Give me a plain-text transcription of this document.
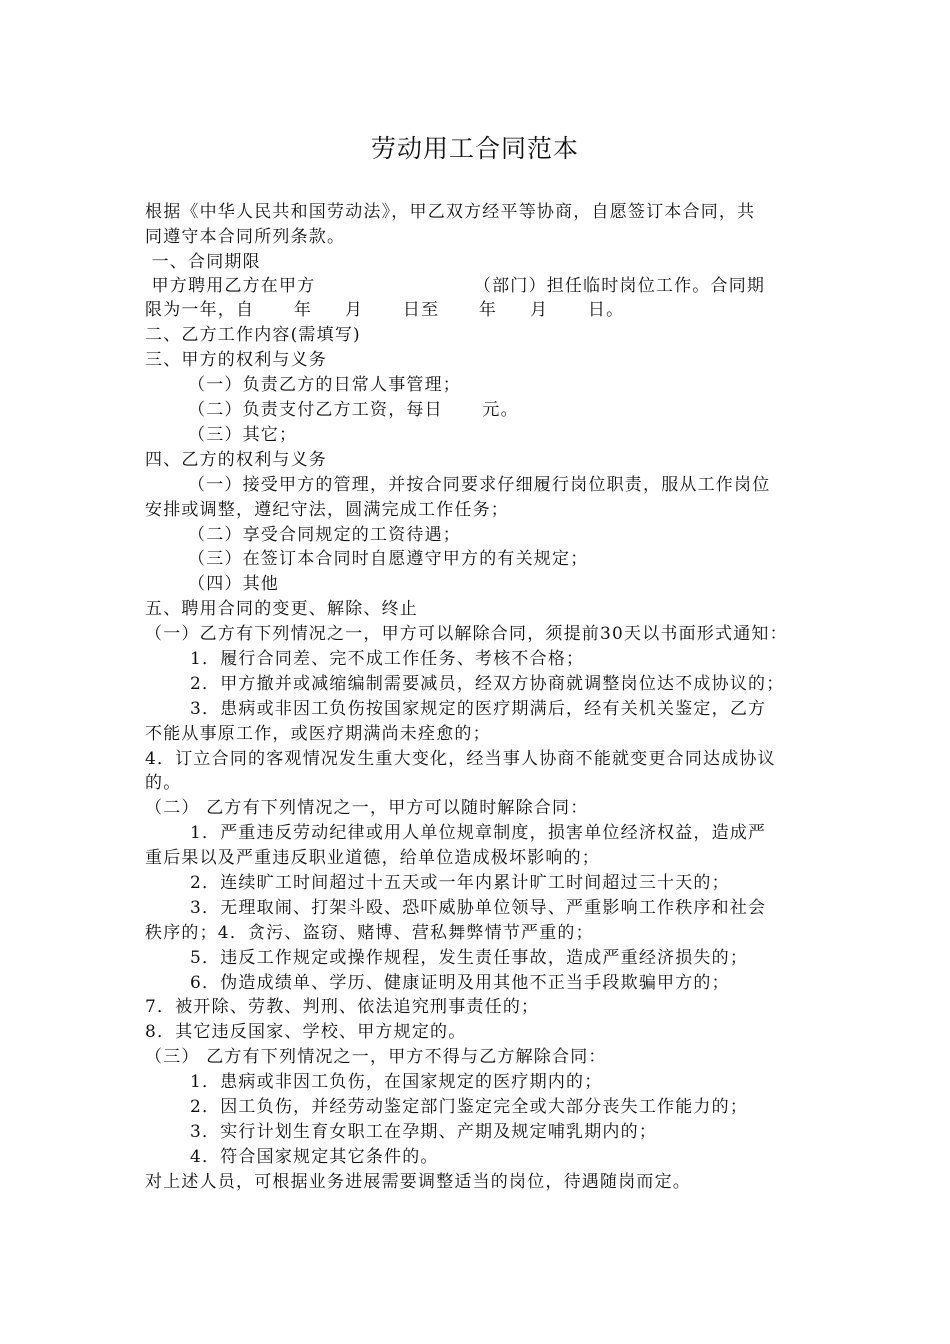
劳动用工合同范本
根据《中华人民共和国劳动法》，甲乙双方经平等协商，自愿签订本合同，共
同遵守本合同所列条款。
一、合同期限
甲方聘用乙方在甲方                        （部门）担任临时岗位工作。合同期
限为一年，自      年     月      日至      年     月      日。
二、乙方工作内容(需填写)
三、甲方的权利与义务
（一）负责乙方的日常人事管理；
（二）负责支付乙方工资，每日      元。
（三）其它；
四、乙方的权利与义务
（一）接受甲方的管理，并按合同要求仔细履行岗位职责，服从工作岗位
安排或调整，遵纪守法，圆满完成工作任务；
（二）享受合同规定的工资待遇；
（三）在签订本合同时自愿遵守甲方的有关规定；
（四）其他
五、聘用合同的变更、解除、终止
（一）乙方有下列情况之一，甲方可以解除合同，须提前30天以书面形式通知：
1．履行合同差、完不成工作任务、考核不合格；
2．甲方撤并或减缩编制需要减员，经双方协商就调整岗位达不成协议的；
3．患病或非因工负伤按国家规定的医疗期满后，经有关机关鉴定，乙方
不能从事原工作，或医疗期满尚未痊愈的；
4．订立合同的客观情况发生重大变化，经当事人协商不能就变更合同达成协议
的。
（二） 乙方有下列情况之一，甲方可以随时解除合同：
1．严重违反劳动纪律或用人单位规章制度，损害单位经济权益，造成严
重后果以及严重违反职业道德，给单位造成极坏影响的；
2．连续旷工时间超过十五天或一年内累计旷工时间超过三十天的；
3．无理取闹、打架斗殴、恐吓威胁单位领导、严重影响工作秩序和社会
秩序的；4．贪污、盗窃、赌博、营私舞弊情节严重的；
5．违反工作规定或操作规程，发生责任事故，造成严重经济损失的；
6．伪造成绩单、学历、健康证明及用其他不正当手段欺骗甲方的；
7．被开除、劳教、判刑、依法追究刑事责任的；
8．其它违反国家、学校、甲方规定的。
（三） 乙方有下列情况之一，甲方不得与乙方解除合同：
1．患病或非因工负伤，在国家规定的医疗期内的；
2．因工负伤，并经劳动鉴定部门鉴定完全或大部分丧失工作能力的；
3．实行计划生育女职工在孕期、产期及规定哺乳期内的；
4．符合国家规定其它条件的。
对上述人员，可根据业务进展需要调整适当的岗位，待遇随岗而定。
